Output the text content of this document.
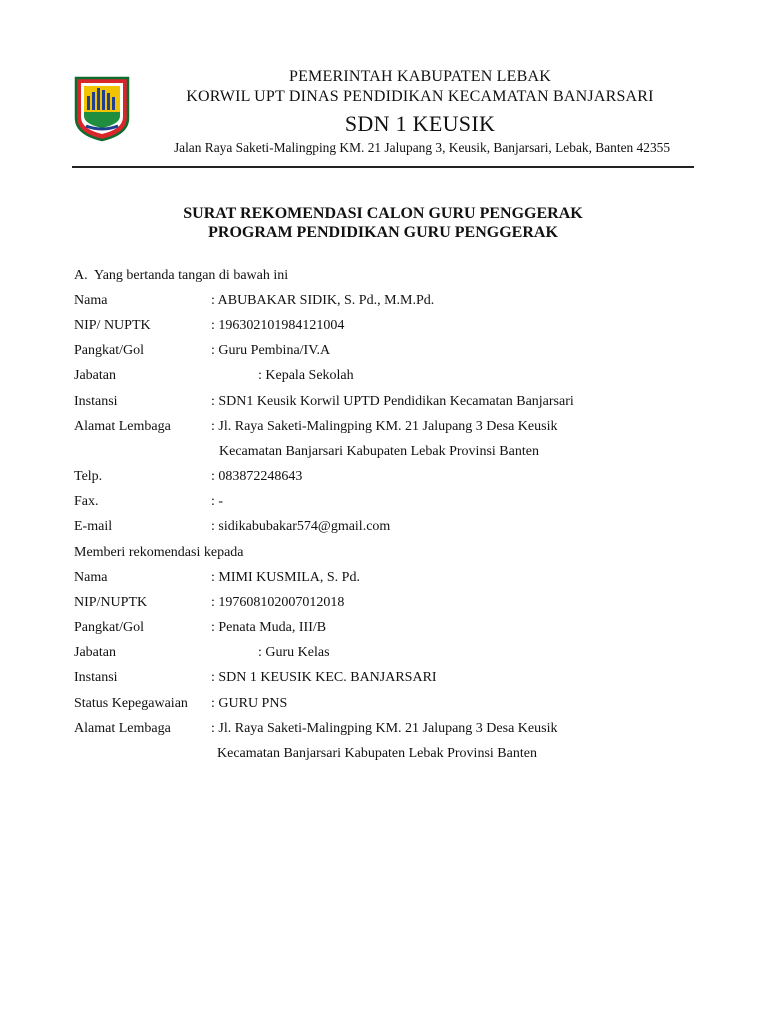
PEMERINTAH KABUPATEN LEBAK
KORWIL UPT DINAS PENDIDIKAN KECAMATAN BANJARSARI
SDN 1 KEUSIK
Jalan Raya Saketi-Malingping KM. 21 Jalupang 3, Keusik, Banjarsari, Lebak, Banten 42355
SURAT REKOMENDASI CALON GURU PENGGERAK
PROGRAM PENDIDIKAN GURU PENGGERAK
A. Yang bertanda tangan di bawah ini
Nama	: ABUBAKAR SIDIK, S. Pd., M.M.Pd.
NIP/ NUPTK	: 196302101984121004
Pangkat/Gol	: Guru Pembina/IV.A
Jabatan	: Kepala Sekolah
Instansi	: SDN1 Keusik Korwil UPTD Pendidikan Kecamatan Banjarsari
Alamat Lembaga	: Jl. Raya Saketi-Malingping KM. 21 Jalupang 3 Desa Keusik
Kecamatan Banjarsari Kabupaten Lebak Provinsi Banten
Telp.	: 083872248643
Fax.	: -
E-mail	: sidikabubakar574@gmail.com
Memberi rekomendasi kepada
Nama	: MIMI KUSMILA, S. Pd.
NIP/NUPTK	: 197608102007012018
Pangkat/Gol	: Penata Muda, III/B
Jabatan	: Guru Kelas
Instansi	: SDN 1 KEUSIK KEC. BANJARSARI
Status Kepegawaian : GURU PNS
Alamat Lembaga	: Jl. Raya Saketi-Malingping KM. 21 Jalupang 3 Desa Keusik
Kecamatan Banjarsari Kabupaten Lebak Provinsi Banten
